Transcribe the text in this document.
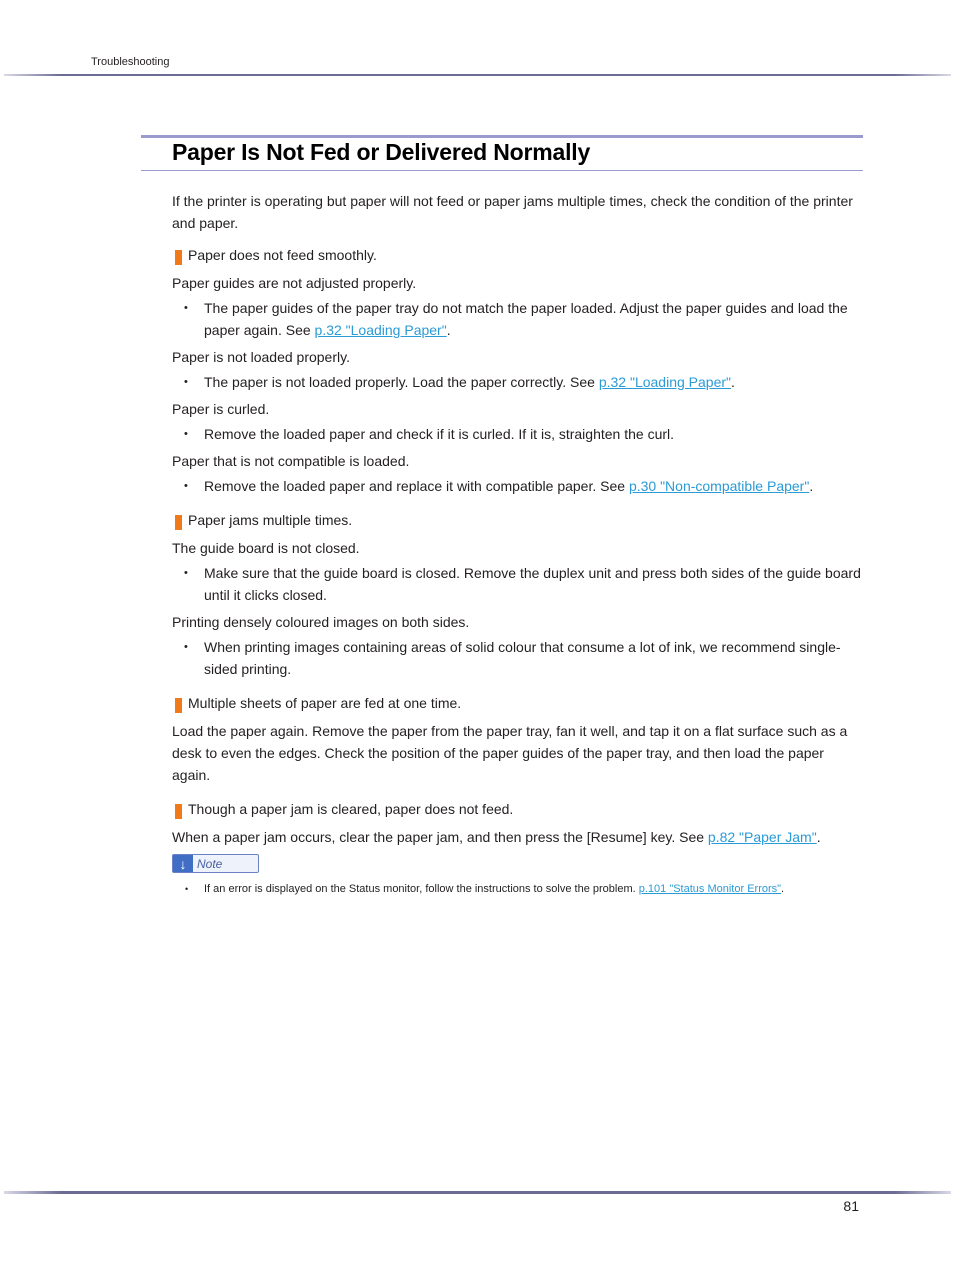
Troubleshooting
Paper Is Not Fed or Delivered Normally

If the printer is operating but paper will not feed or paper jams multiple times, check the condition of the printer and paper.

Paper does not feed smoothly.

Paper guides are not adjusted properly.

• The paper guides of the paper tray do not match the paper loaded. Adjust the paper guides and load the paper again. See p.32 "Loading Paper".

Paper is not loaded properly.

• The paper is not loaded properly. Load the paper correctly. See p.32 "Loading Paper".

Paper is curled.

• Remove the loaded paper and check if it is curled. If it is, straighten the curl.

Paper that is not compatible is loaded.

• Remove the loaded paper and replace it with compatible paper. See p.30 "Non-compatible Paper".
Paper jams multiple times.

The guide board is not closed.

• Make sure that the guide board is closed. Remove the duplex unit and press both sides of the guide board until it clicks closed.

Printing densely coloured images on both sides.

• When printing images containing areas of solid colour that consume a lot of ink, we recommend single-sided printing.
Multiple sheets of paper are fed at one time.

Load the paper again. Remove the paper from the paper tray, fan it well, and tap it on a flat surface such as a desk to even the edges. Check the position of the paper guides of the paper tray, and then load the paper again.

Though a paper jam is cleared, paper does not feed.

When a paper jam occurs, clear the paper jam, and then press the [Resume] key. See p.82 "Paper Jam".

↓ Note
• If an error is displayed on the Status monitor, follow the instructions to solve the problem. p.101 "Status Monitor Errors".
81
